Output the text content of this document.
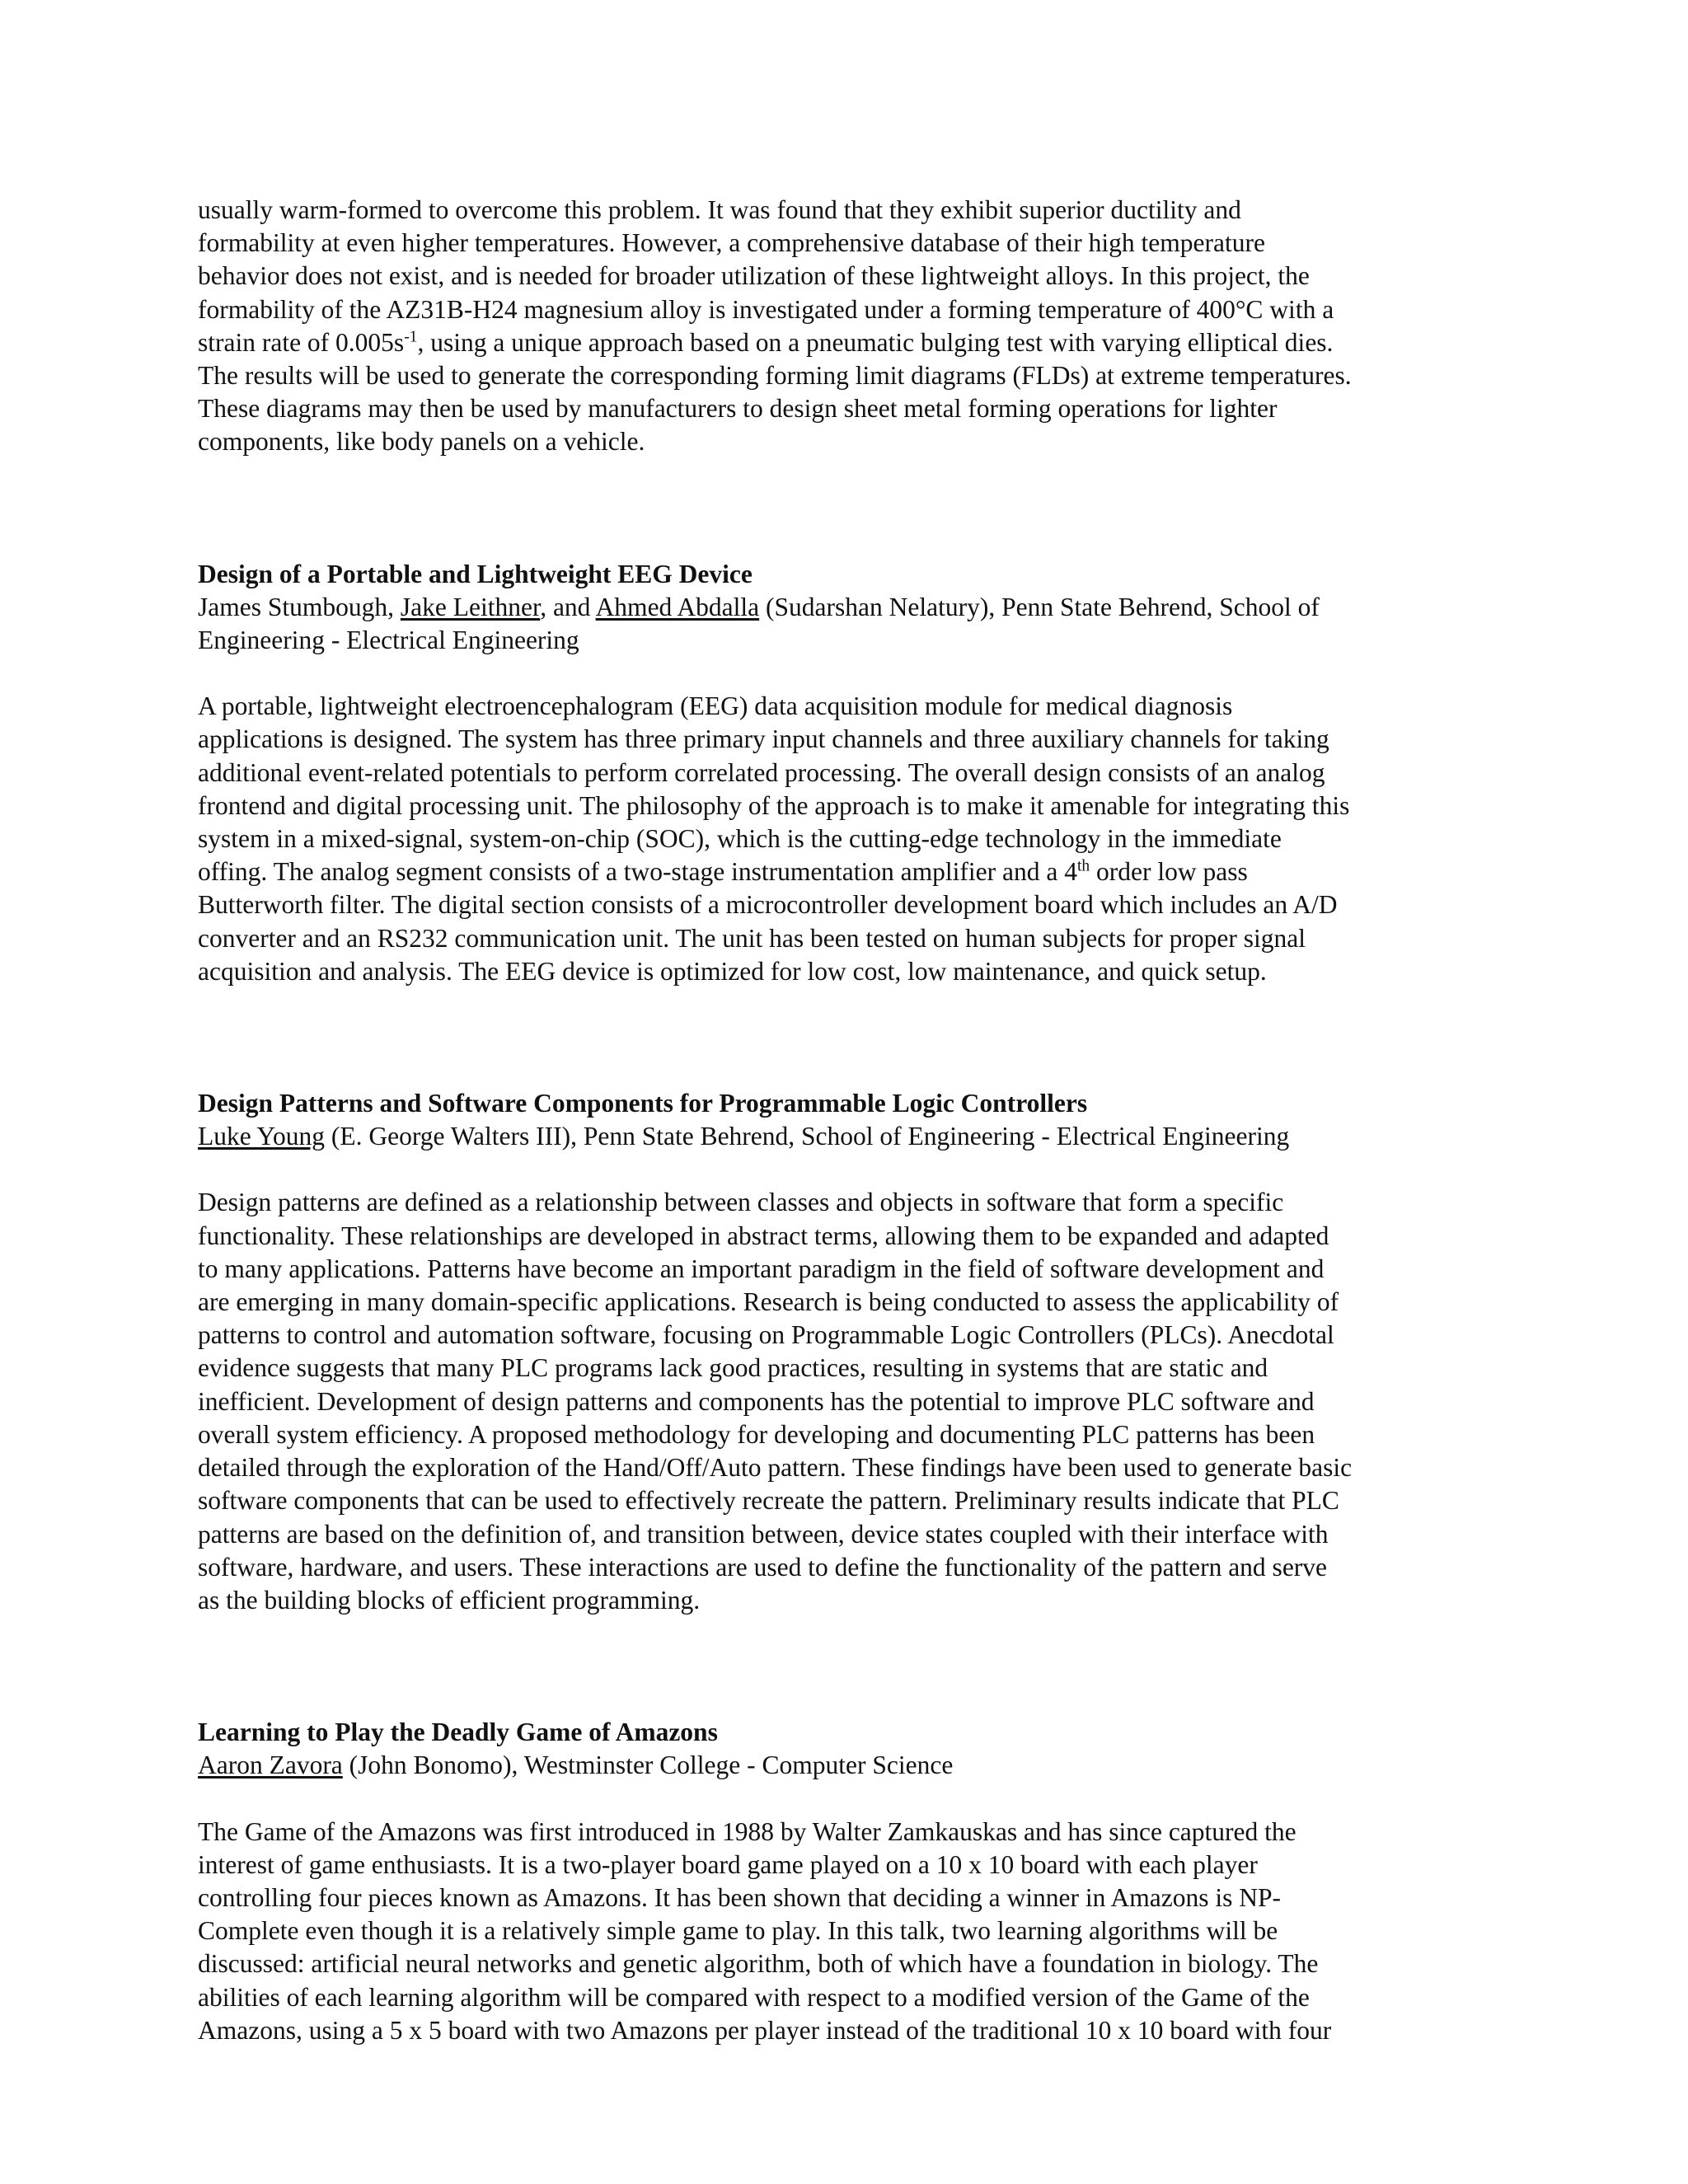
usually warm-formed to overcome this problem. It was found that they exhibit superior ductility and
formability at even higher temperatures. However, a comprehensive database of their high temperature
behavior does not exist, and is needed for broader utilization of these lightweight alloys. In this project, the
formability of the AZ31B-H24 magnesium alloy is investigated under a forming temperature of 400°C with a
strain rate of $0.005s^{-1}$, using a unique approach based on a pneumatic bulging test with varying elliptical dies.
The results will be used to generate the corresponding forming limit diagrams (FLDs) at extreme temperatures.
These diagrams may then be used by manufacturers to design sheet metal forming operations for lighter
components, like body panels on a vehicle.
Design of a Portable and Lightweight EEG Device
James Stumbough, Jake Leithner, and Ahmed Abdalla (Sudarshan Nelatury), Penn State Behrend, School of
Engineering - Electrical Engineering
A portable, lightweight electroencephalogram (EEG) data acquisition module for medical diagnosis
applications is designed. The system has three primary input channels and three auxiliary channels for taking
additional event-related potentials to perform correlated processing. The overall design consists of an analog
frontend and digital processing unit. The philosophy of the approach is to make it amenable for integrating this
system in a mixed-signal, system-on-chip (SOC), which is the cutting-edge technology in the immediate
offing. The analog segment consists of a two-stage instrumentation amplifier and a 4th order low pass
Butterworth filter. The digital section consists of a microcontroller development board which includes an A/D
converter and an RS232 communication unit. The unit has been tested on human subjects for proper signal
acquisition and analysis. The EEG device is optimized for low cost, low maintenance, and quick setup.
Design Patterns and Software Components for Programmable Logic Controllers
Luke Young (E. George Walters III), Penn State Behrend, School of Engineering - Electrical Engineering
Design patterns are defined as a relationship between classes and objects in software that form a specific
functionality. These relationships are developed in abstract terms, allowing them to be expanded and adapted
to many applications. Patterns have become an important paradigm in the field of software development and
are emerging in many domain-specific applications. Research is being conducted to assess the applicability of
patterns to control and automation software, focusing on Programmable Logic Controllers (PLCs). Anecdotal
evidence suggests that many PLC programs lack good practices, resulting in systems that are static and
inefficient. Development of design patterns and components has the potential to improve PLC software and
overall system efficiency. A proposed methodology for developing and documenting PLC patterns has been
detailed through the exploration of the Hand/Off/Auto pattern. These findings have been used to generate basic
software components that can be used to effectively recreate the pattern. Preliminary results indicate that PLC
patterns are based on the definition of, and transition between, device states coupled with their interface with
software, hardware, and users. These interactions are used to define the functionality of the pattern and serve
as the building blocks of efficient programming.
Learning to Play the Deadly Game of Amazons
Aaron Zavora (John Bonomo), Westminster College - Computer Science
The Game of the Amazons was first introduced in 1988 by Walter Zamkauskas and has since captured the
interest of game enthusiasts. It is a two-player board game played on a 10 x 10 board with each player
controlling four pieces known as Amazons. It has been shown that deciding a winner in Amazons is NP-
Complete even though it is a relatively simple game to play. In this talk, two learning algorithms will be
discussed: artificial neural networks and genetic algorithm, both of which have a foundation in biology. The
abilities of each learning algorithm will be compared with respect to a modified version of the Game of the
Amazons, using a 5 x 5 board with two Amazons per player instead of the traditional 10 x 10 board with four
